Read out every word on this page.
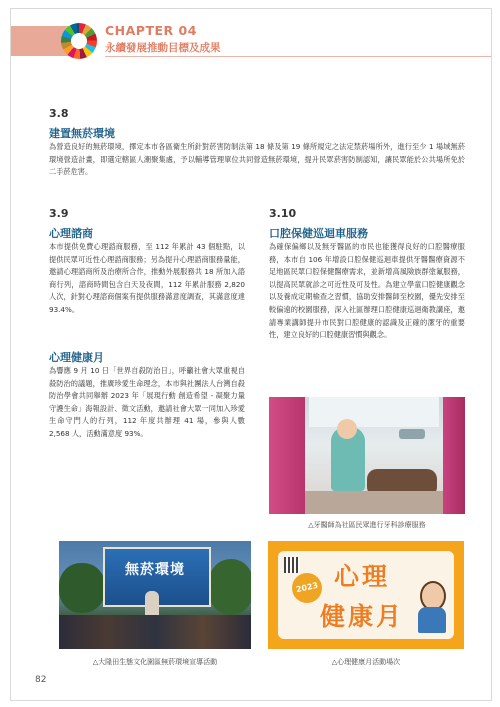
CHAPTER 04
永續發展推動目標及成果
3.8
建置無菸環境

為營造良好的無菸環境，擇定本市各區衛生所針對菸害防制法第 18 條及第 19 條所規定之法定禁菸場所外，進行至少 1 場域無菸環境營造計畫，即選定轄區人潮聚集處，予以輔導管理單位共同營造無菸環境，提升民眾菸害防制認知，讓民眾能於公共場所免於二手菸危害。

3.9
心理諮商

本市提供免費心理諮商服務，至 112 年累計 43 個駐點，以提供民眾可近性心理諮商服務；另為提升心理諮商服務量能，邀請心理諮商所及治療所合作，推動外展服務共 18 所加入諮商行列，諮商時間包含白天及夜間，112 年累計服務 2,820 人次，針對心理諮商個案有提供服務滿意度調查，其滿意度達 93.4%。

心理健康月

為響應 9 月 10 日「世界自殺防治日」，呼籲社會大眾重視自殺防治的議題，推廣珍愛生命理念，本市與社團法人台灣自殺防治學會共同舉辦 2023 年「展現行動 創造希望 - 凝聚力量 守護生命」海報設計、徵文活動，邀請社會大眾一同加入珍愛生命守門人的行列，112 年度共辦理 41 場，參與人數 2,568 人，活動滿意度 93%。

3.10
口腔保健巡迴車服務

為確保偏鄉以及無牙醫區的市民也能獲得良好的口腔醫療服務，本市自 106 年增設口腔保健巡迴車提供牙醫醫療資源不足地區民眾口腔保健醫療需求，並新增高風險族群塗氟服務，以提高民眾就診之可近性及可及性。為建立學童口腔健康觀念以及養成定期檢查之習慣，協助安排醫師至校園，優先安排至較偏遠的校園服務，深入社區辦理口腔健康巡迴衛教講座，邀請專業講師提升市民對口腔健康的認識及正確的潔牙的重要性，建立良好的口腔健康習慣與觀念。

△牙醫師為社區民眾進行牙科診療服務
無菸環境
△大隆田生態文化園區無菸環境宣導活動
2023 心理
健康月
△心理健康月活動場次
82
